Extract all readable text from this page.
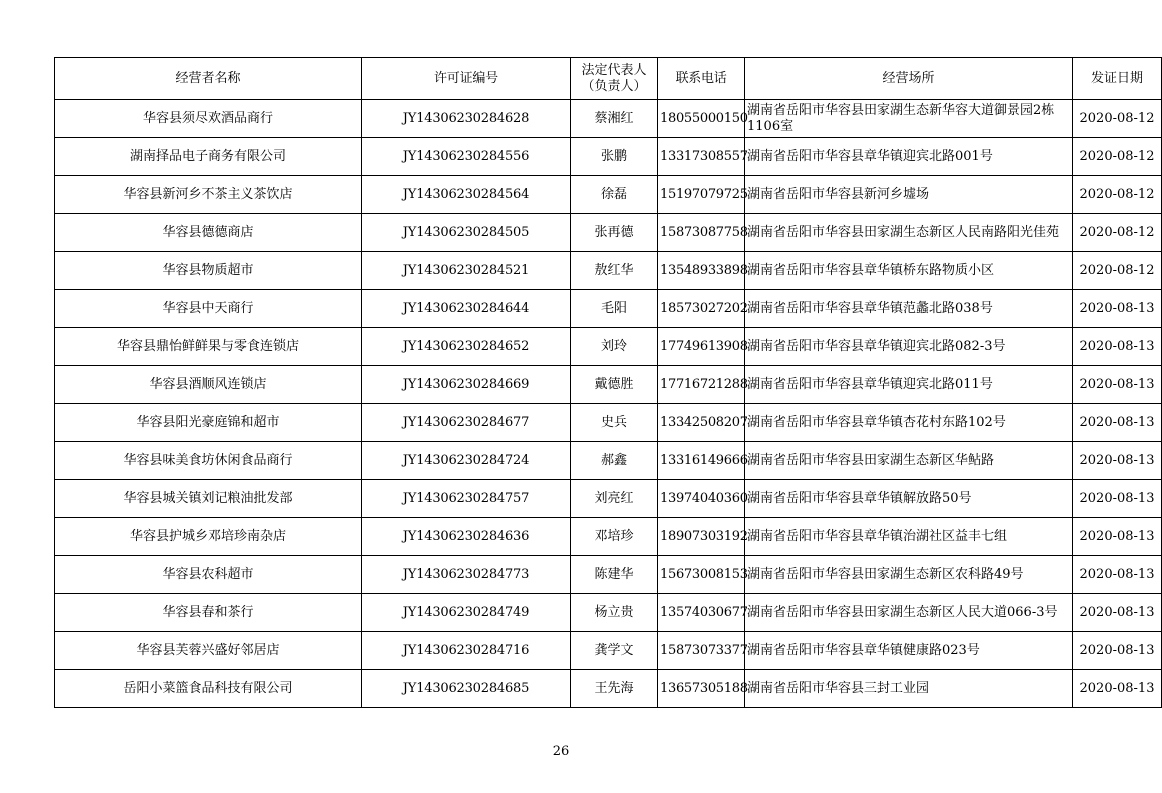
经营者名称	许可证编号	法定代表人（负责人）	联系电话	经营场所	发证日期
华容县须尽欢酒品商行	JY14306230284628	蔡湘红	18055000150	湖南省岳阳市华容县田家湖生态新华容大道御景园2栋1106室	2020-08-12
湖南择品电子商务有限公司	JY14306230284556	张鹏	13317308557	湖南省岳阳市华容县章华镇迎宾北路001号	2020-08-12
华容县新河乡不茶主义茶饮店	JY14306230284564	徐磊	15197079725	湖南省岳阳市华容县新河乡墟场	2020-08-12
华容县德德商店	JY14306230284505	张再德	15873087758	湖南省岳阳市华容县田家湖生态新区人民南路阳光佳苑	2020-08-12
华容县物质超市	JY14306230284521	敖红华	13548933898	湖南省岳阳市华容县章华镇桥东路物质小区	2020-08-12
华容县中天商行	JY14306230284644	毛阳	18573027202	湖南省岳阳市华容县章华镇范蠡北路038号	2020-08-13
华容县鼎怡鲜鲜果与零食连锁店	JY14306230284652	刘玲	17749613908	湖南省岳阳市华容县章华镇迎宾北路082-3号	2020-08-13
华容县酒顺风连锁店	JY14306230284669	戴德胜	17716721288	湖南省岳阳市华容县章华镇迎宾北路011号	2020-08-13
华容县阳光豪庭锦和超市	JY14306230284677	史兵	13342508207	湖南省岳阳市华容县章华镇杏花村东路102号	2020-08-13
华容县味美食坊休闲食品商行	JY14306230284724	郝鑫	13316149666	湖南省岳阳市华容县田家湖生态新区华鲇路	2020-08-13
华容县城关镇刘记粮油批发部	JY14306230284757	刘亮红	13974040360	湖南省岳阳市华容县章华镇解放路50号	2020-08-13
华容县护城乡邓培珍南杂店	JY14306230284636	邓培珍	18907303192	湖南省岳阳市华容县章华镇治湖社区益丰七组	2020-08-13
华容县农科超市	JY14306230284773	陈建华	15673008153	湖南省岳阳市华容县田家湖生态新区农科路49号	2020-08-13
华容县春和茶行	JY14306230284749	杨立贵	13574030677	湖南省岳阳市华容县田家湖生态新区人民大道066-3号	2020-08-13
华容县芙蓉兴盛好邻居店	JY14306230284716	龚学文	15873073377	湖南省岳阳市华容县章华镇健康路023号	2020-08-13
岳阳小菜篮食品科技有限公司	JY14306230284685	王先海	13657305188	湖南省岳阳市华容县三封工业园	2020-08-13
26
